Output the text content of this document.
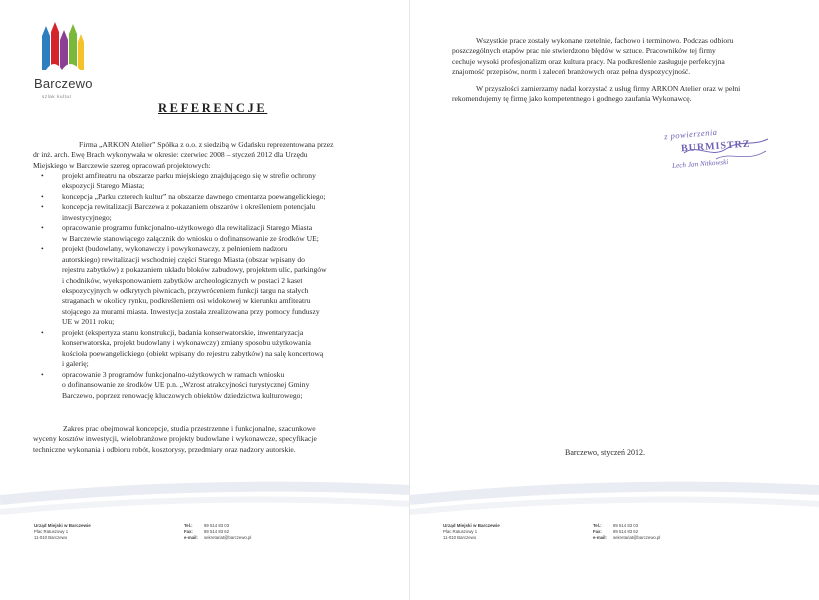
Barczewo
szlak kultur
REFERENCJE
Firma „ARKON Atelier” Spółka z o.o. z siedzibą w Gdańsku reprezentowana przez
dr inż. arch. Ewę Brach wykonywała w okresie: czerwiec 2008 – styczeń 2012 dla Urzędu
Miejskiego w Barczewie szereg opracowań projektowych:
• projekt amfiteatru na obszarze parku miejskiego znajdującego się w strefie ochrony
ekspozycji Starego Miasta;
• koncepcja „Parku czterech kultur” na obszarze dawnego cmentarza poewangelickiego;
• koncepcja rewitalizacji Barczewa z pokazaniem obszarów i określeniem potencjału
inwestycyjnego;
• opracowanie programu funkcjonalno-użytkowego dla rewitalizacji Starego Miasta
w Barczewie stanowiącego załącznik do wniosku o dofinansowanie ze środków UE;
• projekt (budowlany, wykonawczy i powykonawczy, z pełnieniem nadzoru
autorskiego) rewitalizacji wschodniej części Starego Miasta (obszar wpisany do
rejestru zabytków) z pokazaniem układu bloków zabudowy, projektem ulic, parkingów
i chodników, wyeksponowaniem zabytków archeologicznych w postaci 2 kaset
ekspozycyjnych w odkrytych piwnicach, przywróceniem funkcji targu na stałych
straganach w okolicy rynku, podkreśleniem osi widokowej w kierunku amfiteatru
stojącego za murami miasta. Inwestycja została zrealizowana przy pomocy funduszy
UE w 2011 roku;
• projekt (ekspertyza stanu konstrukcji, badania konserwatorskie, inwentaryzacja
konserwatorska, projekt budowlany i wykonawczy) zmiany sposobu użytkowania
kościoła poewangelickiego (obiekt wpisany do rejestru zabytków) na salę koncertową
i galerię;
• opracowanie 3 programów funkcjonalno-użytkowych w ramach wniosku
o dofinansowanie ze środków UE p.n. „Wzrost atrakcyjności turystycznej Gminy
Barczewo, poprzez renowację kluczowych obiektów dziedzictwa kulturowego;
Zakres prac obejmował koncepcje, studia przestrzenne i funkcjonalne, szacunkowe
wyceny kosztów inwestycji, wielobranżowe projekty budowlane i wykonawcze, specyfikacje
techniczne wykonania i odbioru robót, kosztorysy, przedmiary oraz nadzory autorskie.
Wszystkie prace zostały wykonane rzetelnie, fachowo i terminowo. Podczas odbioru
poszczególnych etapów prac nie stwierdzono błędów w sztuce. Pracowników tej firmy
cechuje wysoki profesjonalizm oraz kultura pracy. Na podkreślenie zasługuje perfekcyjna
znajomość przepisów, norm i zaleceń branżowych oraz pełna dyspozycyjność.
W przyszłości zamierzamy nadal korzystać z usług firmy ARKON Atelier oraz w pełni
rekomendujemy tę firmę jako kompetentnego i godnego zaufania Wykonawcę.
z powierzenia
BURMISTRZ
Lech Jan Nitkowski
Barczewo, styczeń 2012.
Urząd Miejski w Barczewie
Plac Ratuszowy 1
11-010 Barczewo
Tel.:
Fax:
e-mail:
89 514 83 03
89 514 83 62
sekretariat@barczewo.pl
Urząd Miejski w Barczewie
Plac Ratuszowy 1
11-010 Barczewo
Tel.:
Fax:
e-mail:
89 514 83 03
89 514 83 62
sekretariat@barczewo.pl
